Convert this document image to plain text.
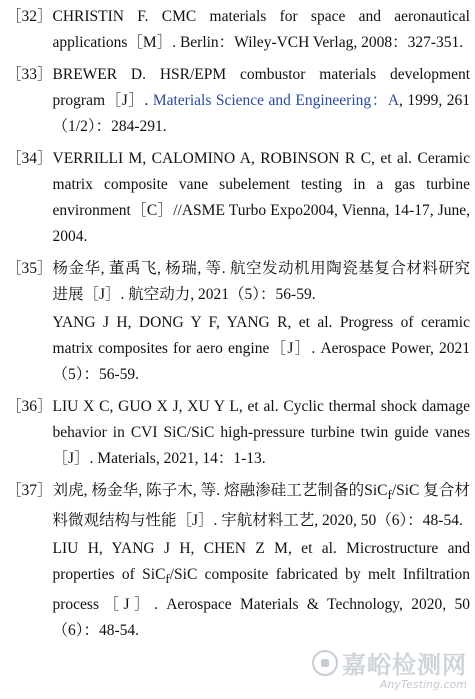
［32］ CHRISTIN F. CMC materials for space and aeronautical applications［M］. Berlin：Wiley-VCH Verlag, 2008：327-351.

［33］ BREWER D. HSR/EPM combustor materials development program［J］. Materials Science and Engineering：A, 1999, 261（1/2）：284-291.

［34］ VERRILLI M, CALOMINO A, ROBINSON R C, et al. Ceramic matrix composite vane subelement testing in a gas turbine environment［C］//ASME Turbo Expo2004, Vienna, 14-17, June, 2004.

［35］ 杨金华, 董禹飞, 杨瑞, 等. 航空发动机用陶瓷基复合材料研究进展［J］. 航空动力, 2021（5）：56-59.

YANG J H, DONG Y F, YANG R, et al. Progress of ceramic matrix composites for aero engine［J］. Aerospace Power, 2021（5）：56-59.

［36］ LIU X C, GUO X J, XU Y L, et al. Cyclic thermal shock damage behavior in CVI SiC/SiC high-pressure turbine twin guide vanes［J］. Materials, 2021, 14：1-13.

［37］ 刘虎, 杨金华, 陈子木, 等. 熔融渗硅工艺制备的SiC$_f$/SiC 复合材料微观结构与性能［J］. 宇航材料工艺, 2020, 50（6）：48-54.

LIU H, YANG J H, CHEN Z M, et al. Microstructure and properties of SiC$_f$/SiC composite fabricated by melt Infiltration process［J］. Aerospace Materials & Technology, 2020, 50（6）：48-54.

嘉峪检测网
AnyTesting.com
